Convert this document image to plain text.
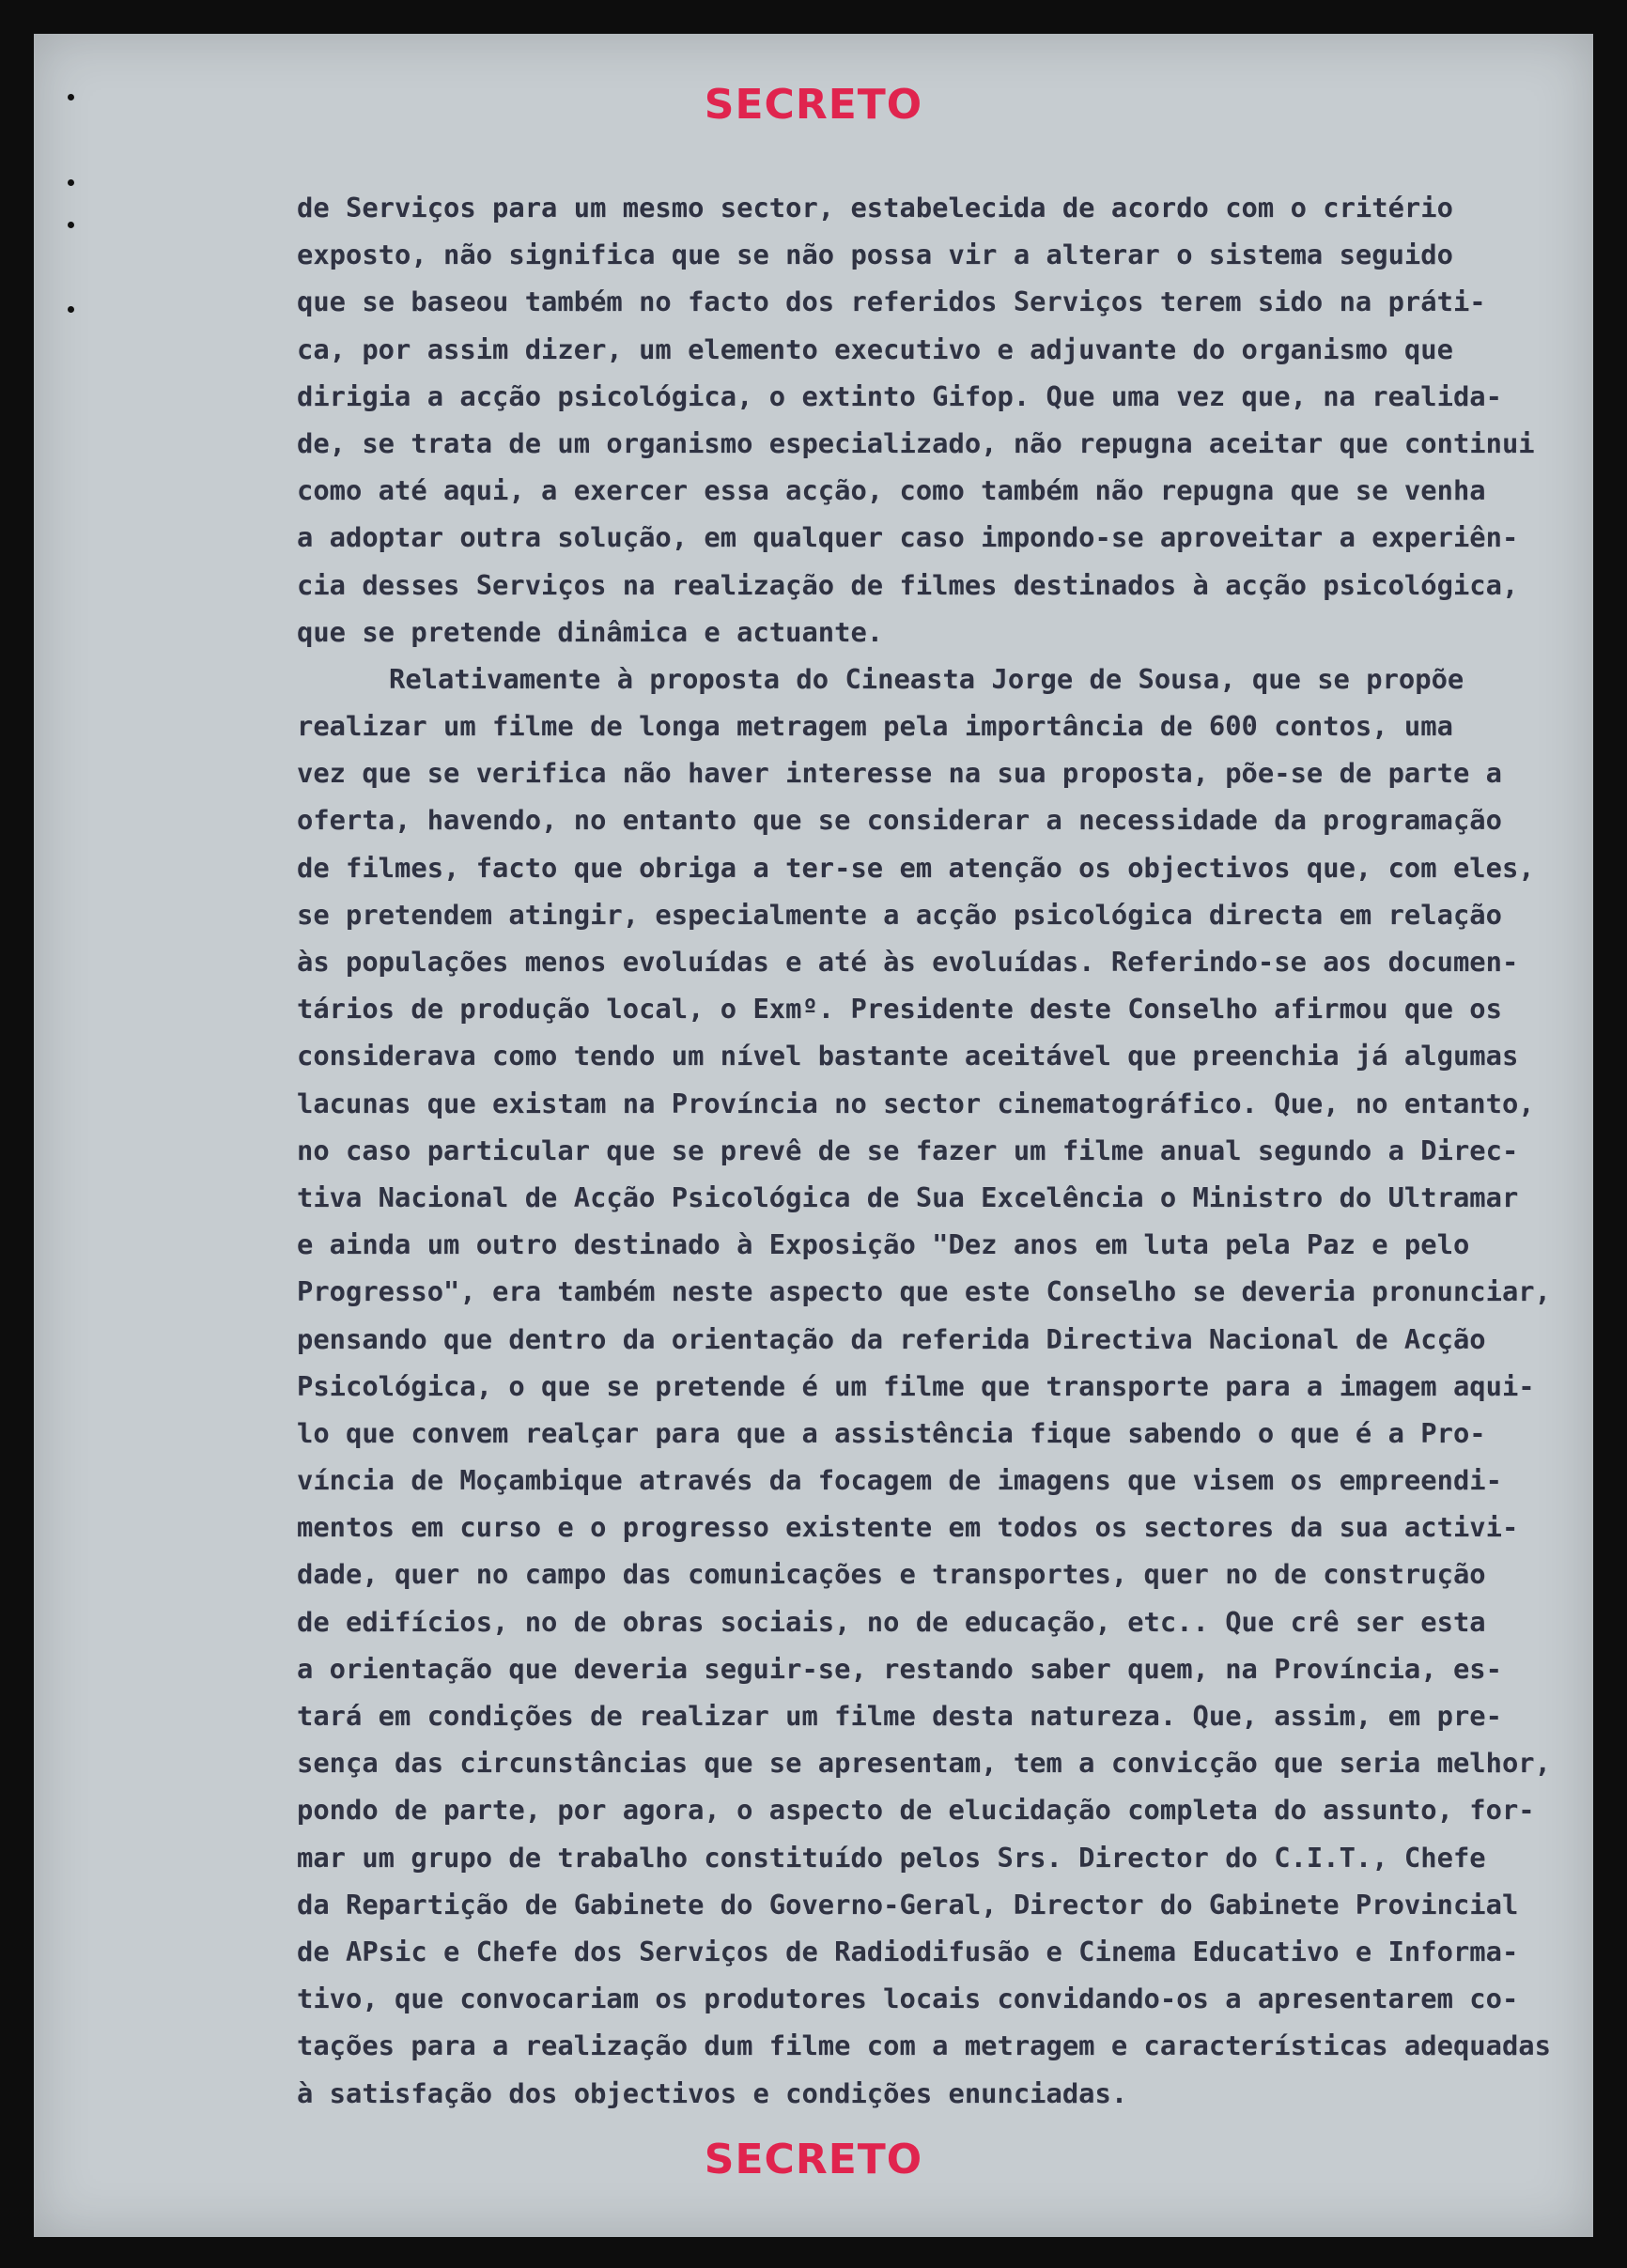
SECRETO
de Serviços para um mesmo sector, estabelecida de acordo com o critério
exposto, não significa que se não possa vir a alterar o sistema seguido
que se baseou também no facto dos referidos Serviços terem sido na práti-
ca, por assim dizer, um elemento executivo e adjuvante do organismo que
dirigia a acção psicológica, o extinto Gifop. Que uma vez que, na realida-
de, se trata de um organismo especializado, não repugna aceitar que continui
como até aqui, a exercer essa acção, como também não repugna que se venha
a adoptar outra solução, em qualquer caso impondo-se aproveitar a experiên-
cia desses Serviços na realização de filmes destinados à acção psicológica,
que se pretende dinâmica e actuante.
Relativamente à proposta do Cineasta Jorge de Sousa, que se propõe
realizar um filme de longa metragem pela importância de 600 contos, uma
vez que se verifica não haver interesse na sua proposta, põe-se de parte a
oferta, havendo, no entanto que se considerar a necessidade da programação
de filmes, facto que obriga a ter-se em atenção os objectivos que, com eles,
se pretendem atingir, especialmente a acção psicológica directa em relação
às populações menos evoluídas e até às evoluídas. Referindo-se aos documen-
tários de produção local, o Exmº. Presidente deste Conselho afirmou que os
considerava como tendo um nível bastante aceitável que preenchia já algumas
lacunas que existam na Província no sector cinematográfico. Que, no entanto,
no caso particular que se prevê de se fazer um filme anual segundo a Direc-
tiva Nacional de Acção Psicológica de Sua Excelência o Ministro do Ultramar
e ainda um outro destinado à Exposição "Dez anos em luta pela Paz e pelo
Progresso", era também neste aspecto que este Conselho se deveria pronunciar,
pensando que dentro da orientação da referida Directiva Nacional de Acção
Psicológica, o que se pretende é um filme que transporte para a imagem aqui-
lo que convem realçar para que a assistência fique sabendo o que é a Pro-
víncia de Moçambique através da focagem de imagens que visem os empreendi-
mentos em curso e o progresso existente em todos os sectores da sua activi-
dade, quer no campo das comunicações e transportes, quer no de construção
de edifícios, no de obras sociais, no de educação, etc.. Que crê ser esta
a orientação que deveria seguir-se, restando saber quem, na Província, es-
tará em condições de realizar um filme desta natureza. Que, assim, em pre-
sença das circunstâncias que se apresentam, tem a convicção que seria melhor,
pondo de parte, por agora, o aspecto de elucidação completa do assunto, for-
mar um grupo de trabalho constituído pelos Srs. Director do C.I.T., Chefe
da Repartição de Gabinete do Governo-Geral, Director do Gabinete Provincial
de APsic e Chefe dos Serviços de Radiodifusão e Cinema Educativo e Informa-
tivo, que convocariam os produtores locais convidando-os a apresentarem co-
tações para a realização dum filme com a metragem e características adequadas
à satisfação dos objectivos e condições enunciadas.
SECRETO
